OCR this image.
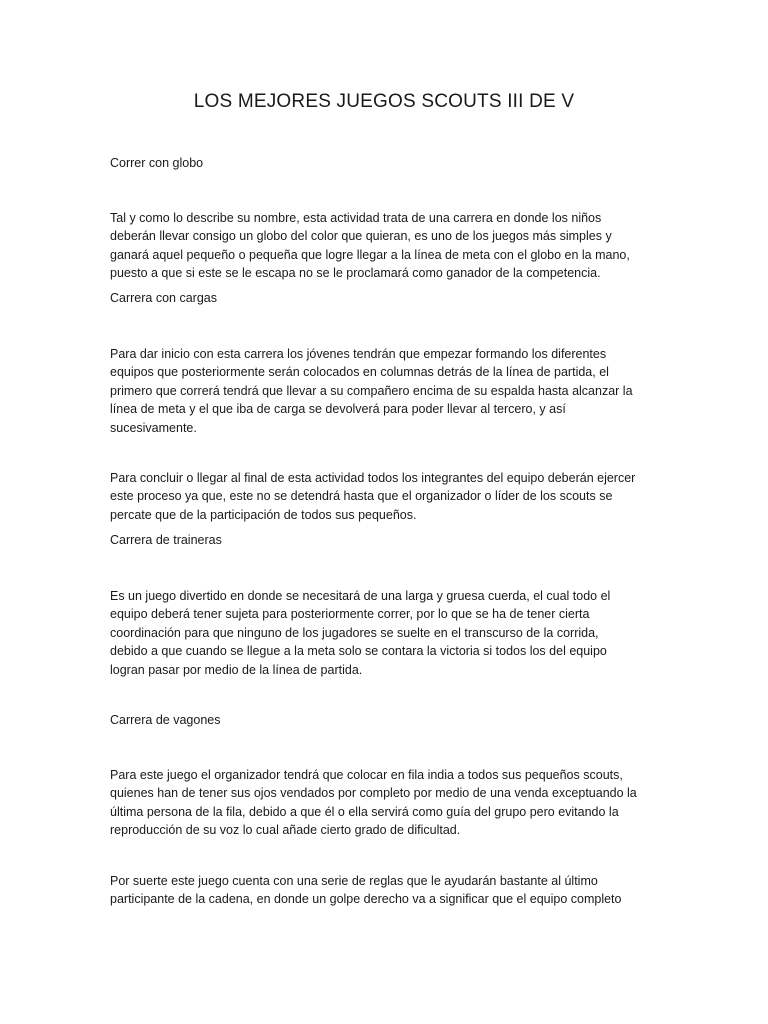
LOS MEJORES JUEGOS SCOUTS III DE V

Correr con globo

Tal y como lo describe su nombre, esta actividad trata de una carrera en donde los niños
deberán llevar consigo un globo del color que quieran, es uno de los juegos más simples y
ganará aquel pequeño o pequeña que logre llegar a la línea de meta con el globo en la mano,
puesto a que si este se le escapa no se le proclamará como ganador de la competencia.

Carrera con cargas

Para dar inicio con esta carrera los jóvenes tendrán que empezar formando los diferentes
equipos que posteriormente serán colocados en columnas detrás de la línea de partida, el
primero que correrá tendrá que llevar a su compañero encima de su espalda hasta alcanzar la
línea de meta y el que iba de carga se devolverá para poder llevar al tercero, y así
sucesivamente.

Para concluir o llegar al final de esta actividad todos los integrantes del equipo deberán ejercer
este proceso ya que, este no se detendrá hasta que el organizador o líder de los scouts se
percate que de la participación de todos sus pequeños.

Carrera de traineras

Es un juego divertido en donde se necesitará de una larga y gruesa cuerda, el cual todo el
equipo deberá tener sujeta para posteriormente correr, por lo que se ha de tener cierta
coordinación para que ninguno de los jugadores se suelte en el transcurso de la corrida,
debido a que cuando se llegue a la meta solo se contara la victoria si todos los del equipo
logran pasar por medio de la línea de partida.

Carrera de vagones

Para este juego el organizador tendrá que colocar en fila india a todos sus pequeños scouts,
quienes han de tener sus ojos vendados por completo por medio de una venda exceptuando la
última persona de la fila, debido a que él o ella servirá como guía del grupo pero evitando la
reproducción de su voz lo cual añade cierto grado de dificultad.

Por suerte este juego cuenta con una serie de reglas que le ayudarán bastante al último
participante de la cadena, en donde un golpe derecho va a significar que el equipo completo
